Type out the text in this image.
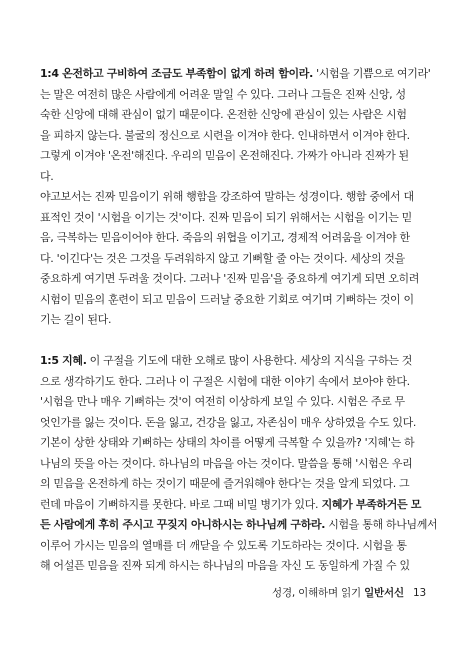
1:4 온전하고 구비하여 조금도 부족함이 없게 하려 함이라. '시험을 기쁨으로 여기라'
는 말은 여전히 많은 사람에게 어려운 말일 수 있다. 그러나 그들은 진짜 신앙, 성
숙한 신앙에 대해 관심이 없기 때문이다. 온전한 신앙에 관심이 있는 사람은 시험
을 피하지 않는다. 불굴의 정신으로 시련을 이겨야 한다. 인내하면서 이겨야 한다.
그렇게 이겨야 '온전'해진다. 우리의 믿음이 온전해진다. 가짜가 아니라 진짜가 된
다.
야고보서는 진짜 믿음이기 위해 행함을 강조하여 말하는 성경이다. 행함 중에서 대
표적인 것이 '시험을 이기는 것'이다. 진짜 믿음이 되기 위해서는 시험을 이기는 믿
음, 극복하는 믿음이어야 한다. 죽음의 위협을 이기고, 경제적 어려움을 이겨야 한
다. '이긴다'는 것은 그것을 두려워하지 않고 기뻐할 줄 아는 것이다. 세상의 것을
중요하게 여기면 두려울 것이다. 그러나 '진짜 믿음'을 중요하게 여기게 되면 오히려
시험이 믿음의 훈련이 되고 믿음이 드러날 중요한 기회로 여기며 기뻐하는 것이 이
기는 길이 된다.
1:5 지혜. 이 구절을 기도에 대한 오해로 많이 사용한다. 세상의 지식을 구하는 것
으로 생각하기도 한다. 그러나 이 구절은 시험에 대한 이야기 속에서 보아야 한다.
'시험을 만나 매우 기뻐하는 것'이 여전히 이상하게 보일 수 있다. 시험은 주로 무
엇인가를 잃는 것이다. 돈을 잃고, 건강을 잃고, 자존심이 매우 상하였을 수도 있다.
기본이 상한 상태와 기뻐하는 상태의 차이를 어떻게 극복할 수 있을까? '지혜'는 하
나님의 뜻을 아는 것이다. 하나님의 마음을 아는 것이다. 말씀을 통해 '시험은 우리
의 믿음을 온전하게 하는 것이기 때문에 즐거워해야 한다'는 것을 알게 되었다. 그
런데 마음이 기뻐하지를 못한다. 바로 그때 비밀 병기가 있다. 지혜가 부족하거든 모
든 사람에게 후히 주시고 꾸짖지 아니하시는 하나님께 구하라. 시험을 통해 하나님께서
이루어 가시는 믿음의 열매를 더 깨닫을 수 있도록 기도하라는 것이다. 시험을 통
해 어설픈 믿음을 진짜 되게 하시는 하나님의 마음을 자신 도 동일하게 가질 수 있
성경, 이해하며 읽기 일반서신 13
